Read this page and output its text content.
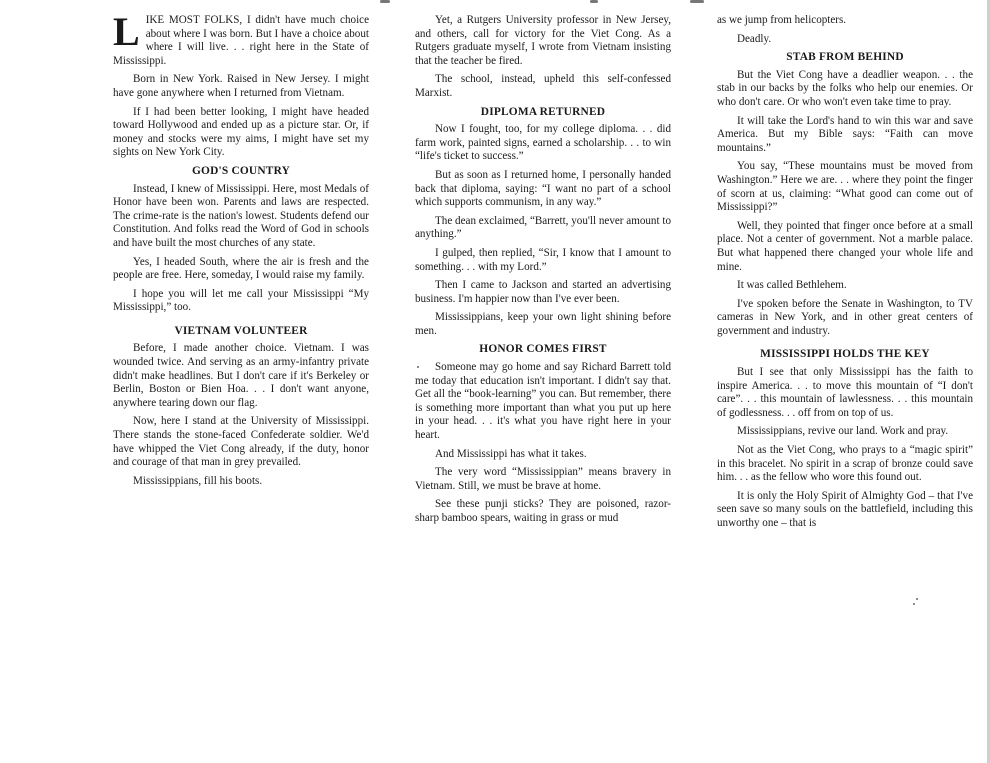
LIKE MOST FOLKS, I didn't have much choice about where I was born. But I have a choice about where I will live. . . right here in the State of Mississippi.

Born in New York. Raised in New Jersey. I might have gone anywhere when I returned from Vietnam.

If I had been better looking, I might have headed toward Hollywood and ended up as a picture star. Or, if money and stocks were my aims, I might have set my sights on New York City.

GOD'S COUNTRY

Instead, I knew of Mississippi. Here, most Medals of Honor have been won. Parents and laws are respected. The crime-rate is the nation's lowest. Students defend our Constitution. And folks read the Word of God in schools and have built the most churches of any state.

Yes, I headed South, where the air is fresh and the people are free. Here, someday, I would raise my family.

I hope you will let me call your Mississippi “My Mississippi,” too.

VIETNAM VOLUNTEER

Before, I made another choice. Vietnam. I was wounded twice. And serving as an army-infantry private didn't make headlines. But I don't care if it's Berkeley or Berlin, Boston or Bien Hoa. . . I don't want anyone, anywhere tearing down our flag.

Now, here I stand at the University of Mississippi. There stands the stone-faced Confederate soldier. We'd have whipped the Viet Cong already, if the duty, honor and courage of that man in grey prevailed.

Mississippians, fill his boots.

Yet, a Rutgers University professor in New Jersey, and others, call for victory for the Viet Cong. As a Rutgers graduate myself, I wrote from Vietnam insisting that the teacher be fired.

The school, instead, upheld this self-confessed Marxist.

DIPLOMA RETURNED

Now I fought, too, for my college diploma. . . did farm work, painted signs, earned a scholarship. . . to win “life's ticket to success.”

But as soon as I returned home, I personally handed back that diploma, saying: “I want no part of a school which supports communism, in any way.”

The dean exclaimed, “Barrett, you'll never amount to anything.”

I gulped, then replied, “Sir, I know that I amount to something. . . with my Lord.”

Then I came to Jackson and started an advertising business. I'm happier now than I've ever been.

Mississippians, keep your own light shining before men.

HONOR COMES FIRST

Someone may go home and say Richard Barrett told me today that education isn't important. I didn't say that. Get all the “book-learning” you can. But remember, there is something more important than what you put up here in your head. . . it's what you have right here in your heart.

And Mississippi has what it takes.

The very word “Mississippian” means bravery in Vietnam. Still, we must be brave at home.

See these punji sticks? They are poisoned, razor-sharp bamboo spears, waiting in grass or mud

as we jump from helicopters.

Deadly.

STAB FROM BEHIND

But the Viet Cong have a deadlier weapon. . . the stab in our backs by the folks who help our enemies. Or who don't care. Or who won't even take time to pray.

It will take the Lord's hand to win this war and save America. But my Bible says: “Faith can move mountains.”

You say, “These mountains must be moved from Washington.” Here we are. . . where they point the finger of scorn at us, claiming: “What good can come out of Mississippi?”

Well, they pointed that finger once before at a small place. Not a center of government. Not a marble palace. But what happened there changed your whole life and mine.

It was called Bethlehem.

I've spoken before the Senate in Washington, to TV cameras in New York, and in other great centers of government and industry.

MISSISSIPPI HOLDS THE KEY

But I see that only Mississippi has the faith to inspire America. . . to move this mountain of “I don't care”. . . this mountain of lawlessness. . . this mountain of godlessness. . . off from on top of us.

Mississippians, revive our land. Work and pray.

Not as the Viet Cong, who prays to a “magic spirit” in this bracelet. No spirit in a scrap of bronze could save him. . . as the fellow who wore this found out.

It is only the Holy Spirit of Almighty God – that I've seen save so many souls on the battlefield, including this unworthy one – that is
